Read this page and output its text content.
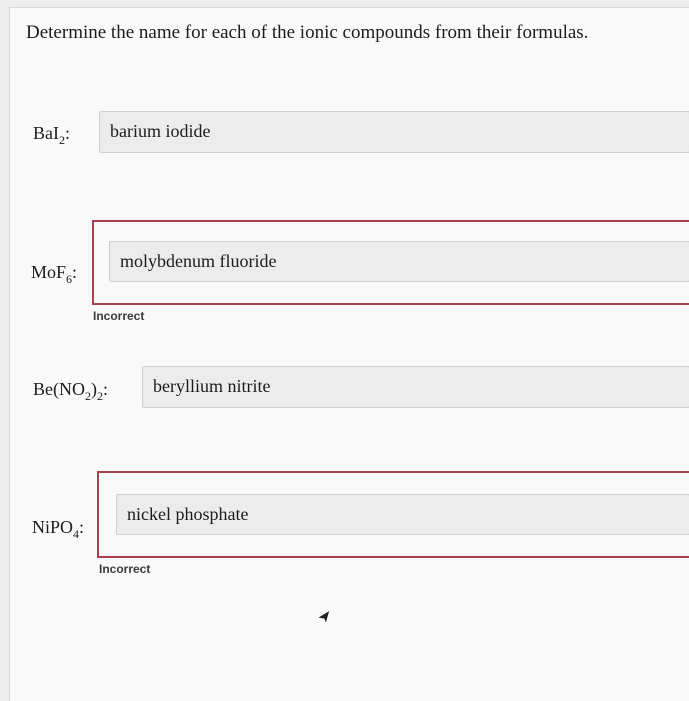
Determine the name for each of the ionic compounds from their formulas.
BaI$_2$:	barium iodide
MoF$_6$:
molybdenum fluoride
Incorrect
$Be(NO_2)_2$:	beryllium nitrite
NiPO$_4$:
nickel phosphate
Incorrect
